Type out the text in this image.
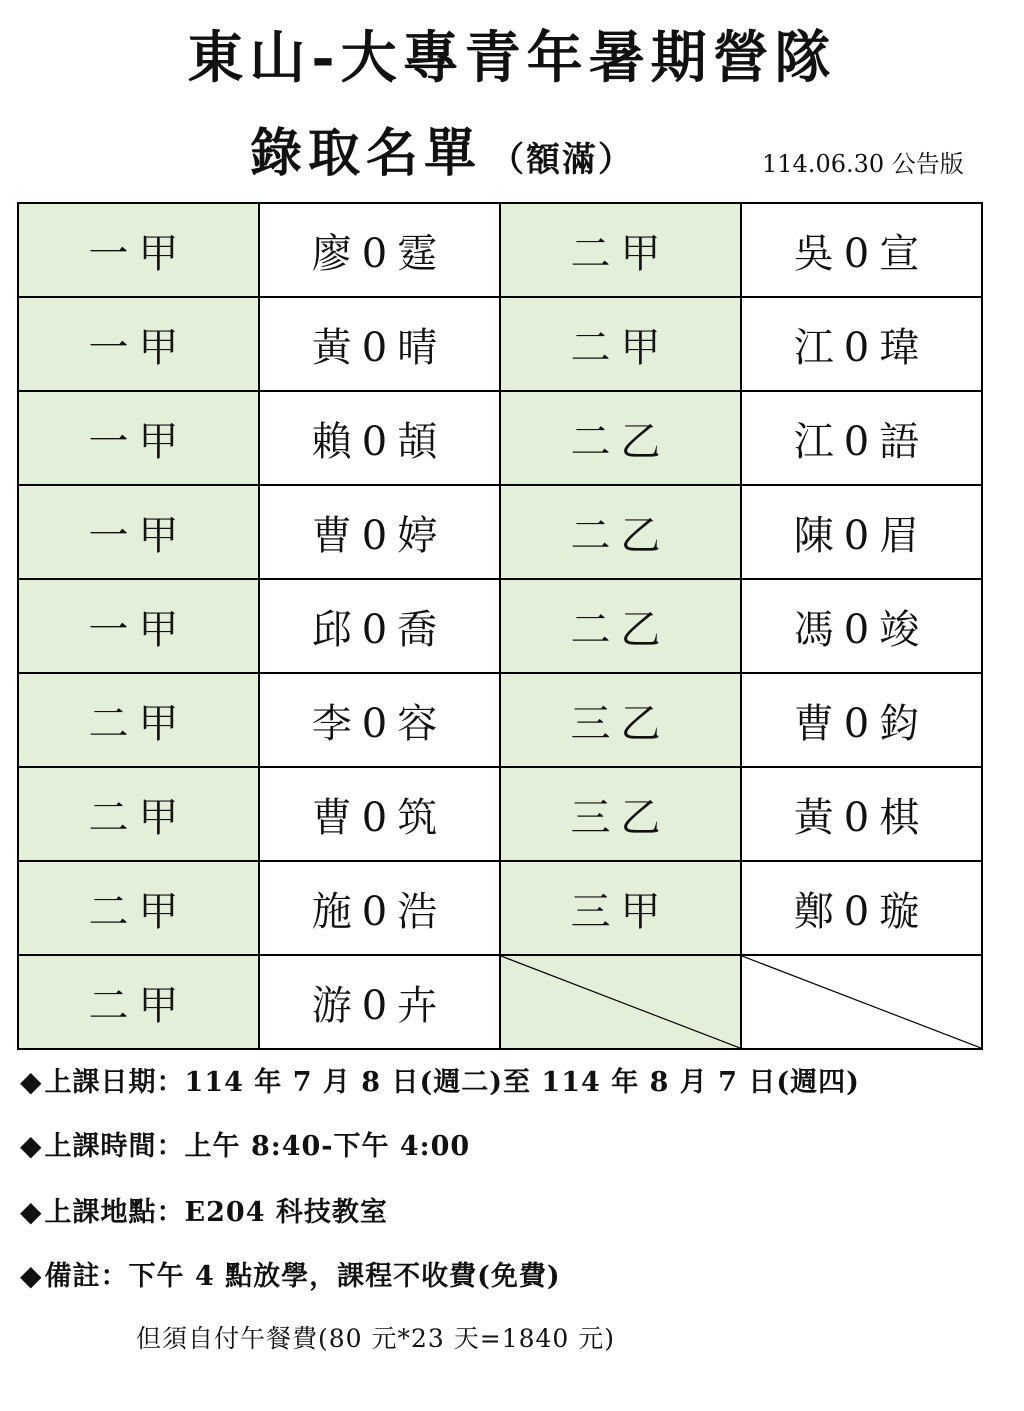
東山-大專青年暑期營隊
錄取名單 （額滿）	114.06.30 公告版
一甲	廖0霆	二甲	吳0宣
一甲	黃0晴	二甲	江0瑋
一甲	賴0頡	二乙	江0語
一甲	曹0婷	二乙	陳0眉
一甲	邱0喬	二乙	馮0竣
二甲	李0容	三乙	曹0鈞
二甲	曹0筑	三乙	黃0棋
二甲	施0浩	三甲	鄭0璇
二甲	游0卉	

◆上課日期：114 年 7 月 8 日(週二)至 114 年 8 月 7 日(週四)
◆上課時間：上午 8:40-下午 4:00
◆上課地點：E204 科技教室
◆備註：下午 4 點放學，課程不收費(免費)
但須自付午餐費(80 元*23 天=1840 元)
